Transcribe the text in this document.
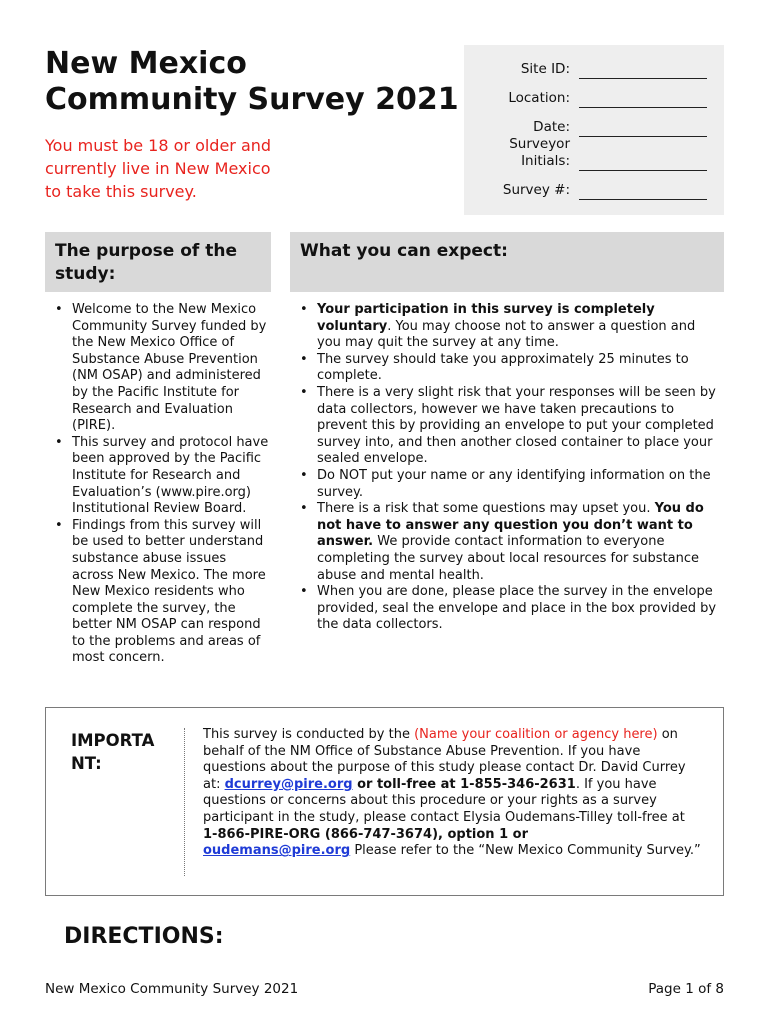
New Mexico
Community Survey 2021
You must be 18 or older and
currently live in New Mexico
to take this survey.
Site ID:
Location:
Date:
Surveyor
Initials:
Survey #:
The purpose of the study:
What you can expect:
• Welcome to the New Mexico Community Survey funded by the New Mexico Office of Substance Abuse Prevention (NM OSAP) and administered by the Pacific Institute for Research and Evaluation (PIRE).
• This survey and protocol have been approved by the Pacific Institute for Research and Evaluation’s (www.pire.org) Institutional Review Board.
• Findings from this survey will be used to better understand substance abuse issues across New Mexico. The more New Mexico residents who complete the survey, the better NM OSAP can respond to the problems and areas of most concern.
• Your participation in this survey is completely voluntary. You may choose not to answer a question and you may quit the survey at any time.
• The survey should take you approximately 25 minutes to complete.
• There is a very slight risk that your responses will be seen by data collectors, however we have taken precautions to prevent this by providing an envelope to put your completed survey into, and then another closed container to place your sealed envelope.
• Do NOT put your name or any identifying information on the survey.
• There is a risk that some questions may upset you. You do not have to answer any question you don’t want to answer. We provide contact information to everyone completing the survey about local resources for substance abuse and mental health.
• When you are done, please place the survey in the envelope provided, seal the envelope and place in the box provided by the data collectors.
IMPORTA
NT:
This survey is conducted by the (Name your coalition or agency here) on behalf of the NM Office of Substance Abuse Prevention. If you have questions about the purpose of this study please contact Dr. David Currey at: dcurrey@pire.org or toll-free at 1-855-346-2631. If you have questions or concerns about this procedure or your rights as a survey participant in the study, please contact Elysia Oudemans-Tilley toll-free at 1-866-PIRE-ORG (866-747-3674), option 1 or
oudemans@pire.org Please refer to the “New Mexico Community Survey.”
DIRECTIONS:
New Mexico Community Survey 2021	Page 1 of 8
